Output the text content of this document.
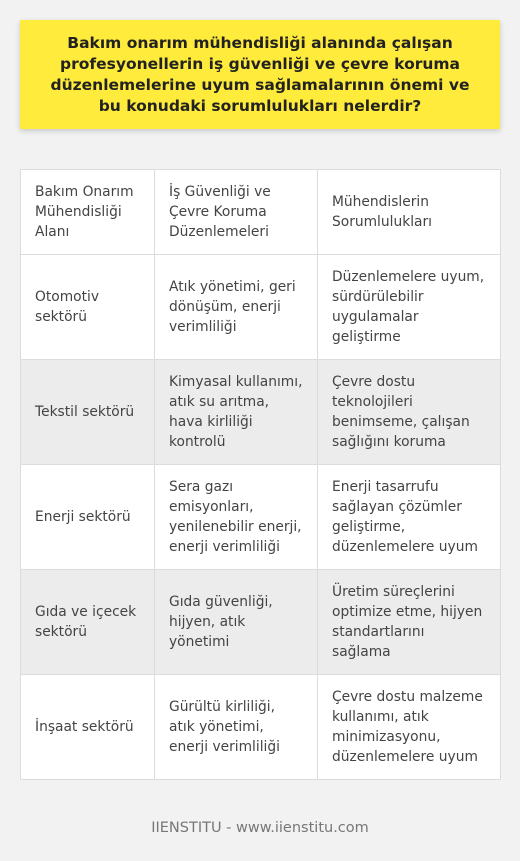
Bakım onarım mühendisliği alanında çalışan profesyonellerin iş güvenliği ve çevre koruma düzenlemelerine uyum sağlamalarının önemi ve bu konudaki sorumlulukları nelerdir?
Bakım Onarım Mühendisliği Alanı	İş Güvenliği ve Çevre Koruma Düzenlemeleri	Mühendislerin Sorumlulukları
Otomotiv sektörü	Atık yönetimi, geri dönüşüm, enerji verimliliği	Düzenlemelere uyum, sürdürülebilir uygulamalar geliştirme
Tekstil sektörü	Kimyasal kullanımı, atık su arıtma, hava kirliliği kontrolü	Çevre dostu teknolojileri benimseme, çalışan sağlığını koruma
Enerji sektörü	Sera gazı emisyonları, yenilenebilir enerji, enerji verimliliği	Enerji tasarrufu sağlayan çözümler geliştirme, düzenlemelere uyum
Gıda ve içecek sektörü	Gıda güvenliği, hijyen, atık yönetimi	Üretim süreçlerini optimize etme, hijyen standartlarını sağlama
İnşaat sektörü	Gürültü kirliliği, atık yönetimi, enerji verimliliği	Çevre dostu malzeme kullanımı, atık minimizasyonu, düzenlemelere uyum
IIENSTITU - www.iienstitu.com
